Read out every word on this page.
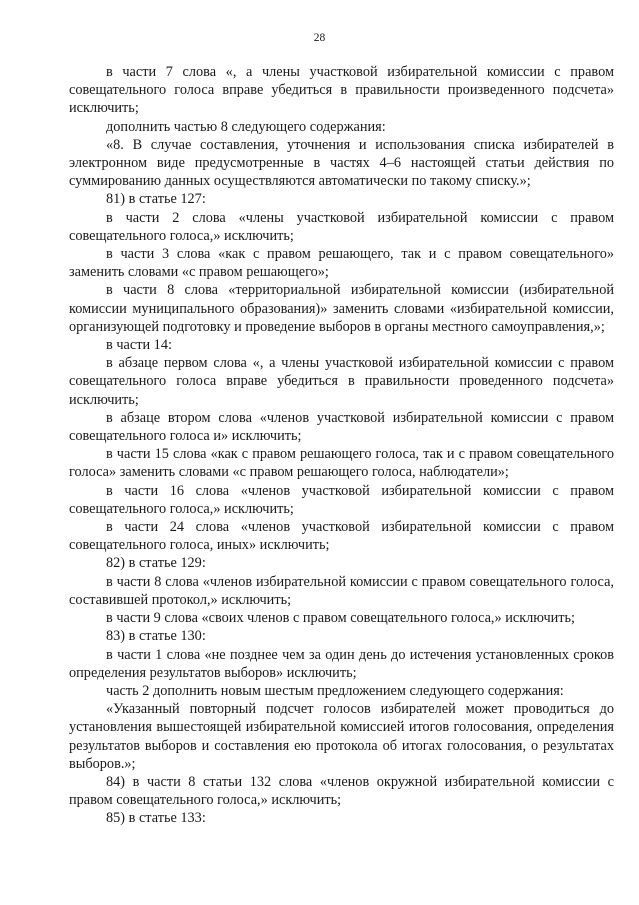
28

в части 7 слова «, а члены участковой избирательной комиссии с правом совещательного голоса вправе убедиться в правильности произведенного подсчета» исключить;

дополнить частью 8 следующего содержания:

«8. В случае составления, уточнения и использования списка избирателей в электронном виде предусмотренные в частях 4–6 настоящей статьи действия по суммированию данных осуществляются автоматически по такому списку.»;

81) в статье 127:

в части 2 слова «члены участковой избирательной комиссии с правом совещательного голоса,» исключить;

в части 3 слова «как с правом решающего, так и с правом совещательного» заменить словами «с правом решающего»;

в части 8 слова «территориальной избирательной комиссии (избирательной комиссии муниципального образования)» заменить словами «избирательной комиссии, организующей подготовку и проведение выборов в органы местного самоуправления,»;

в части 14:

в абзаце первом слова «, а члены участковой избирательной комиссии с правом совещательного голоса вправе убедиться в правильности проведенного подсчета» исключить;

в абзаце втором слова «членов участковой избирательной комиссии с правом совещательного голоса и» исключить;

в части 15 слова «как с правом решающего голоса, так и с правом совещательного голоса» заменить словами «с правом решающего голоса, наблюдатели»;

в части 16 слова «членов участковой избирательной комиссии с правом совещательного голоса,» исключить;

в части 24 слова «членов участковой избирательной комиссии с правом совещательного голоса, иных» исключить;

82) в статье 129:

в части 8 слова «членов избирательной комиссии с правом совещательного голоса, составившей протокол,» исключить;

в части 9 слова «своих членов с правом совещательного голоса,» исключить;

83) в статье 130:

в части 1 слова «не позднее чем за один день до истечения установленных сроков определения результатов выборов» исключить;

часть 2 дополнить новым шестым предложением следующего содержания:

«Указанный повторный подсчет голосов избирателей может проводиться до установления вышестоящей избирательной комиссией итогов голосования, определения результатов выборов и составления ею протокола об итогах голосования, о результатах выборов.»;

84) в части 8 статьи 132 слова «членов окружной избирательной комиссии с правом совещательного голоса,» исключить;

85) в статье 133:
